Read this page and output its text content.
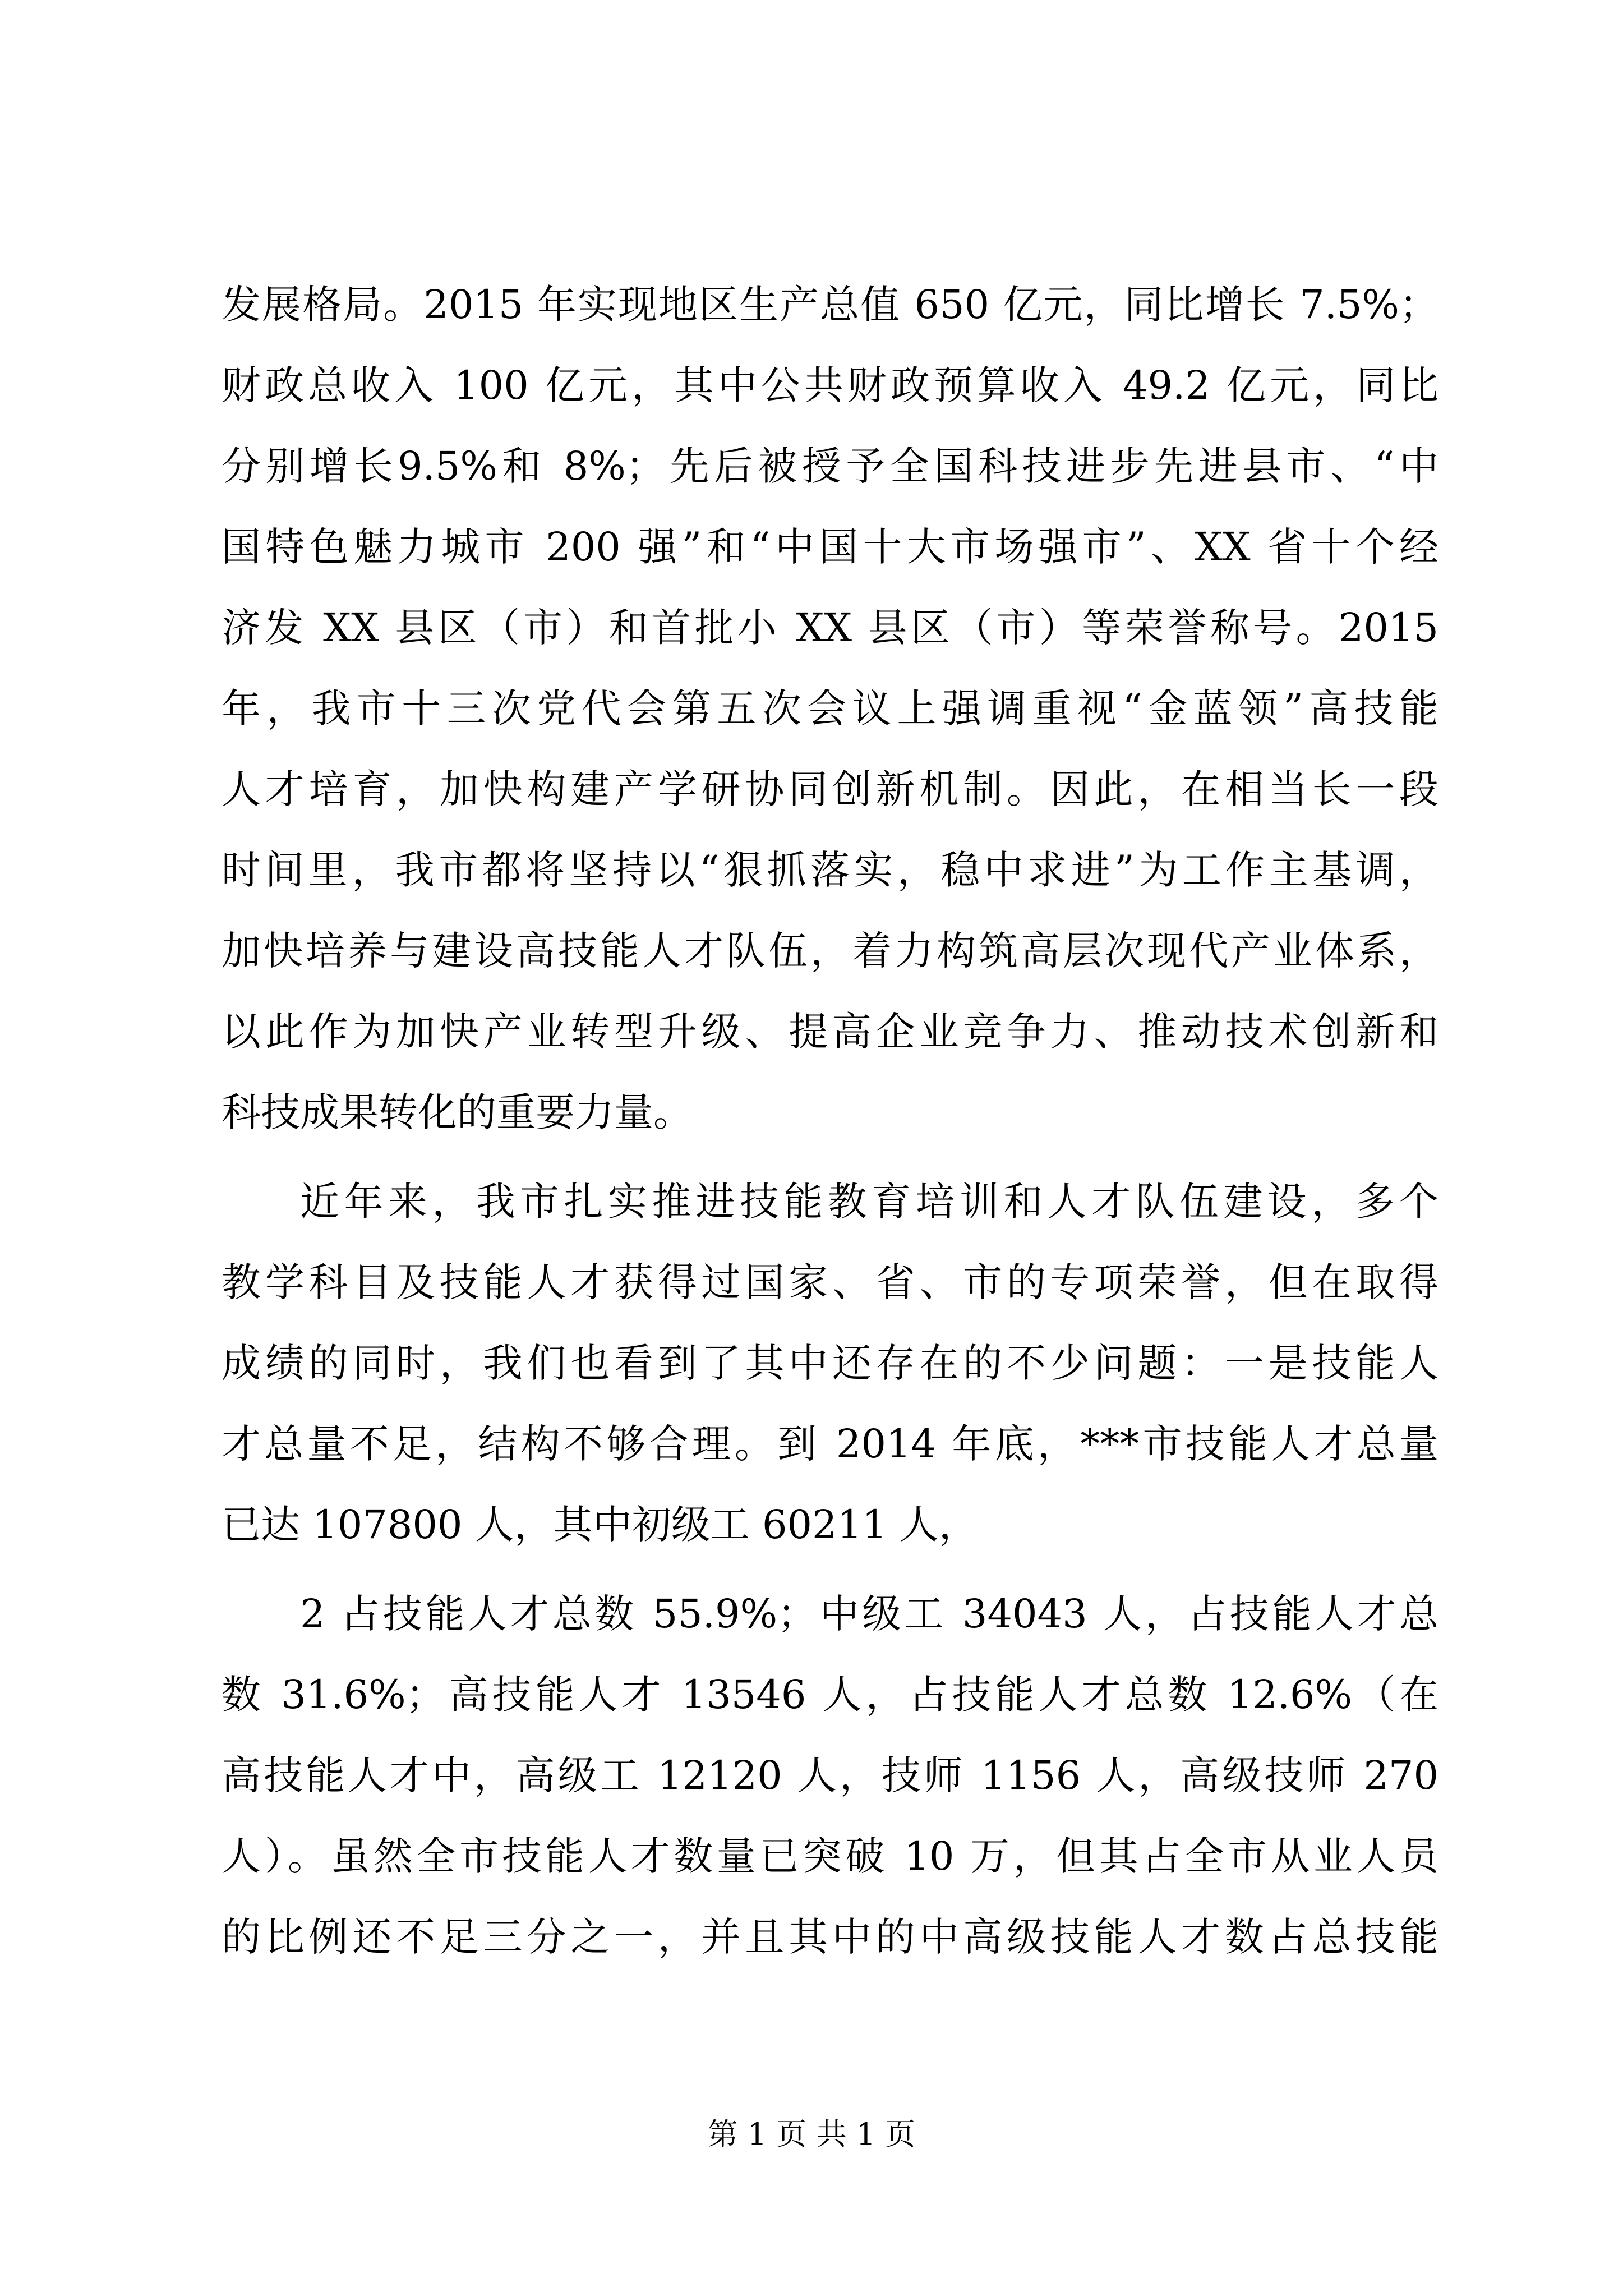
发展格局。2015 年实现地区生产总值 650 亿元，同比增长 7.5%；
财政总收入 100 亿元，其中公共财政预算收入 49.2 亿元，同比
分别增长9.5%和 8%；先后被授予全国科技进步先进县市、“中
国特色魅力城市 200 强”和“中国十大市场强市”、XX 省十个经
济发 XX 县区（市）和首批小 XX 县区（市）等荣誉称号。2015
年，我市十三次党代会第五次会议上强调重视“金蓝领”高技能
人才培育，加快构建产学研协同创新机制。因此，在相当长一段
时间里，我市都将坚持以“狠抓落实，稳中求进”为工作主基调，
加快培养与建设高技能人才队伍，着力构筑高层次现代产业体系，
以此作为加快产业转型升级、提高企业竞争力、推动技术创新和
科技成果转化的重要力量。
近年来，我市扎实推进技能教育培训和人才队伍建设，多个
教学科目及技能人才获得过国家、省、市的专项荣誉，但在取得
成绩的同时，我们也看到了其中还存在的不少问题：一是技能人
才总量不足，结构不够合理。到 2014 年底，***市技能人才总量
已达 107800 人，其中初级工 60211 人，
2 占技能人才总数 55.9%；中级工 34043 人，占技能人才总
数 31.6%；高技能人才 13546 人，占技能人才总数 12.6%（在
高技能人才中，高级工 12120 人，技师 1156 人，高级技师 270
人）。虽然全市技能人才数量已突破 10 万，但其占全市从业人员
的比例还不足三分之一，并且其中的中高级技能人才数占总技能
第 1 页 共 1 页
